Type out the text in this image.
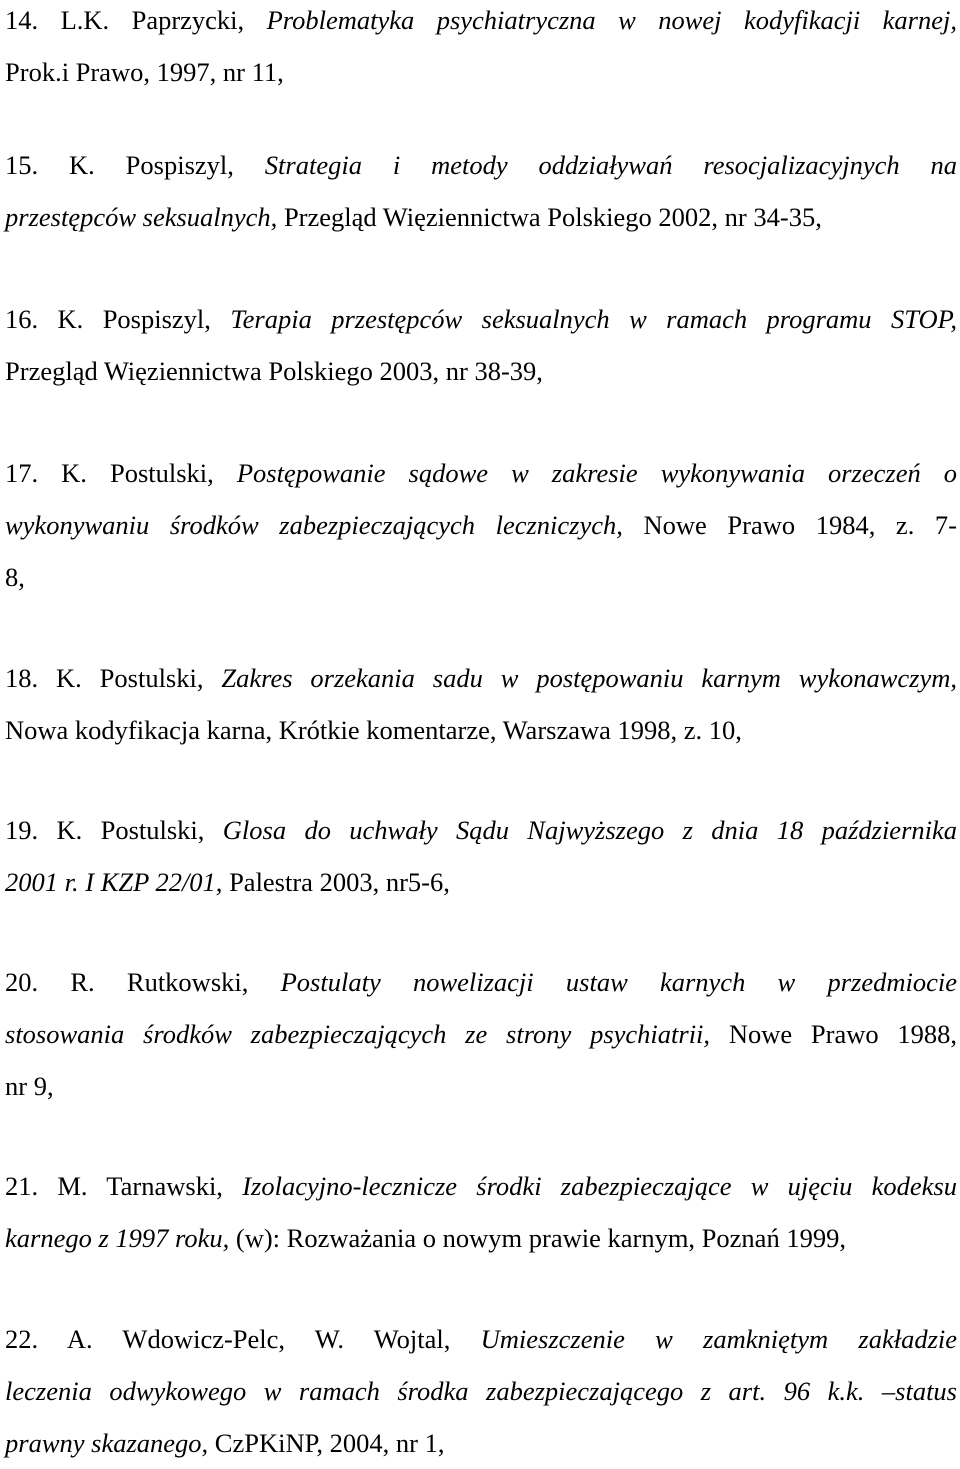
14. L.K. Paprzycki, Problematyka psychiatryczna w nowej kodyfikacji karnej,
Prok.i Prawo, 1997, nr 11,
15. K. Pospiszyl, Strategia i metody oddziaływań resocjalizacyjnych na
przestępców seksualnych, Przegląd Więziennictwa Polskiego 2002, nr 34-35,
16. K. Pospiszyl, Terapia przestępców seksualnych w ramach programu STOP,
Przegląd Więziennictwa Polskiego 2003, nr 38-39,
17. K. Postulski, Postępowanie sądowe w zakresie wykonywania orzeczeń o
wykonywaniu środków zabezpieczających leczniczych, Nowe Prawo 1984, z. 7-
8,
18. K. Postulski, Zakres orzekania sadu w postępowaniu karnym wykonawczym,
Nowa kodyfikacja karna, Krótkie komentarze, Warszawa 1998, z. 10,
19. K. Postulski, Glosa do uchwały Sądu Najwyższego z dnia 18 października
2001 r. I KZP 22/01, Palestra 2003, nr5-6,
20. R. Rutkowski, Postulaty nowelizacji ustaw karnych w przedmiocie
stosowania środków zabezpieczających ze strony psychiatrii, Nowe Prawo 1988,
nr 9,
21. M. Tarnawski, Izolacyjno-lecznicze środki zabezpieczające w ujęciu kodeksu
karnego z 1997 roku, (w): Rozważania o nowym prawie karnym, Poznań 1999,
22. A. Wdowicz-Pelc, W. Wojtal, Umieszczenie w zamkniętym zakładzie
leczenia odwykowego w ramach środka zabezpieczającego z art. 96 k.k. –status
prawny skazanego, CzPKiNP, 2004, nr 1,
